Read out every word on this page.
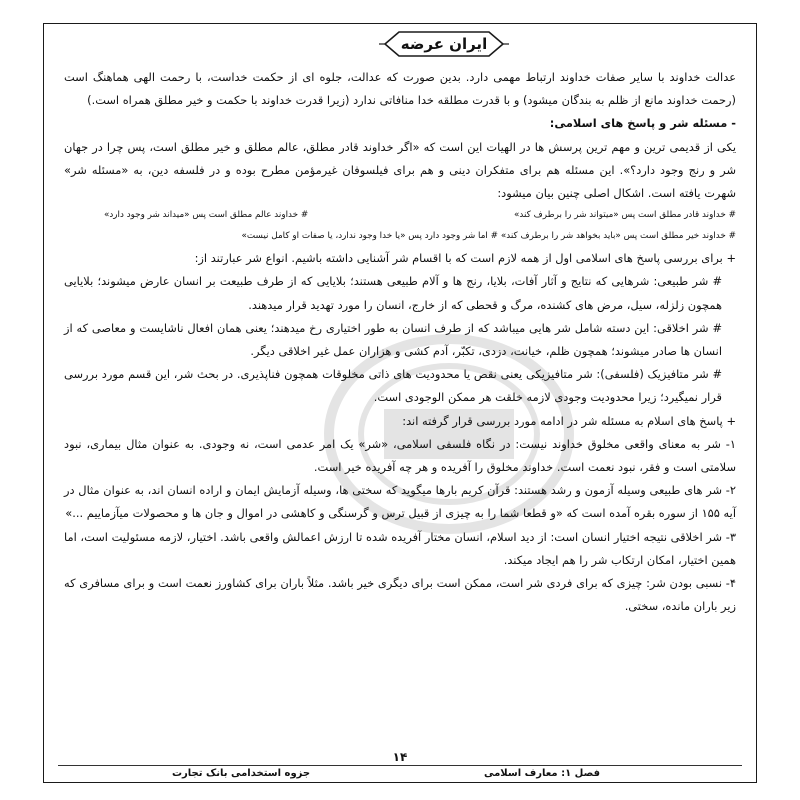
ایران عرضه

عدالت خداوند با سایر صفات خداوند ارتباط مهمی دارد. بدین صورت که عدالت، جلوه ای از حکمت خداست، با رحمت الهی هماهنگ است (رحمت خداوند مانع از ظلم به بندگان میشود) و با قدرت مطلقه خدا منافاتی ندارد (زیرا قدرت خداوند با حکمت و خیر مطلق همراه است.)

- مسئله شر و پاسخ های اسلامی:

یکی از قدیمی ترین و مهم ترین پرسش ها در الهیات این است که «اگر خداوند قادر مطلق، عالم مطلق و خیر مطلق است، پس چرا در جهان شر و رنج وجود دارد؟». این مسئله هم برای متفکران دینی و هم برای فیلسوفان غیرمؤمن مطرح بوده و در فلسفه دین، به «مسئله شر» شهرت یافته است. اشکال اصلی چنین بیان میشود:

# خداوند قادر مطلق است پس «میتواند شر را برطرف کند»
# خداوند عالم مطلق است پس «میداند شر وجود دارد»
# خداوند خیر مطلق است پس «باید بخواهد شر را برطرف کند» # اما شر وجود دارد پس «یا خدا وجود ندارد، یا صفات او کامل نیست»

+ برای بررسی پاسخ های اسلامی اول از همه لازم است که با اقسام شر آشنایی داشته باشیم. انواع شر عبارتند از:

# شر طبیعی: شرهایی که نتایج و آثار آفات، بلایا، رنج ها و آلام طبیعی هستند؛ بلایایی که از طرف طبیعت بر انسان عارض میشوند؛ بلایایی همچون زلزله، سیل، مرض های کشنده، مرگ و قحطی که از خارج، انسان را مورد تهدید قرار میدهند.

# شر اخلاقی: این دسته شامل شر هایی میباشد که از طرف انسان به طور اختیاری رخ میدهند؛ یعنی همان افعال ناشایست و معاصی که از انسان ها صادر میشوند؛ همچون ظلم، خیانت، دزدی، تکبّر، آدم کشی و هزاران عمل غیر اخلاقی دیگر.

# شر متافیزیک (فلسفی): شر متافیزیکی یعنی نقص یا محدودیت های ذاتی مخلوقات همچون فناپذیری. در بحث شر، این قسم مورد بررسی قرار نمیگیرد؛ زیرا محدودیت وجودی لازمه خلقت هر ممکن الوجودی است.

+ پاسخ های اسلام به مسئله شر در ادامه مورد بررسی قرار گرفته اند:

۱- شر به معنای واقعی مخلوق خداوند نیست: در نگاه فلسفی اسلامی، «شر» یک امر عدمی است، نه وجودی. به عنوان مثال بیماری، نبود سلامتی است و فقر، نبود نعمت است. خداوند مخلوق را آفریده و هر چه آفریده خیر است.

۲- شر های طبیعی وسیله آزمون و رشد هستند: قرآن کریم بارها میگوید که سختی ها، وسیله آزمایش ایمان و اراده انسان اند، به عنوان مثال در آیه ۱۵۵ از سوره بقره آمده است که «و قطعا شما را به چیزی از قبیل ترس و گرسنگی و کاهشی در اموال و جان ها و محصولات میآزماییم ...»

۳- شر اخلاقی نتیجه اختیار انسان است: از دید اسلام، انسان مختار آفریده شده تا ارزش اعمالش واقعی باشد. اختیار، لازمه مسئولیت است، اما همین اختیار، امکان ارتکاب شر را هم ایجاد میکند.

۴- نسبی بودن شر: چیزی که برای فردی شر است، ممکن است برای دیگری خیر باشد. مثلاً باران برای کشاورز نعمت است و برای مسافری که زیر باران مانده، سختی.

۱۴
جزوه استخدامی بانک تجارت	فصل ۱: معارف اسلامی
